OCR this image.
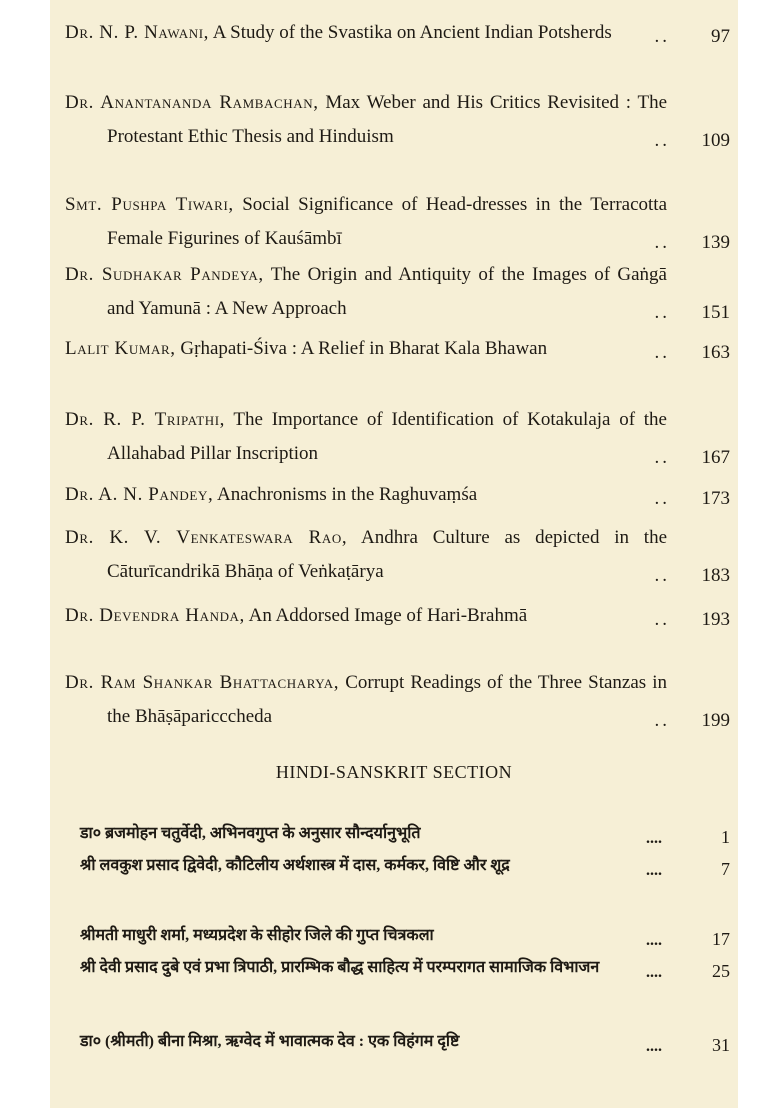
Dr. N. P. Nawani, A Study of the Svastika on Ancient Indian Potsherds	.. 97
Dr. Anantananda Rambachan, Max Weber and His Critics Revisited : The Protestant Ethic Thesis and Hinduism	.. 109
Smt. Pushpa Tiwari, Social Significance of Head-dresses in the Terracotta Female Figurines of Kauśāmbī	.. 139
Dr. Sudhakar Pandeya, The Origin and Antiquity of the Images of Gaṅgā and Yamunā : A New Approach	.. 151
Lalit Kumar, Gṛhapati-Śiva : A Relief in Bharat Kala Bhawan	.. 163
Dr. R. P. Tripathi, The Importance of Identification of Kotakulaja of the Allahabad Pillar Inscription	.. 167
Dr. A. N. Pandey, Anachronisms in the Raghuvaṃśa	.. 173
Dr. K. V. Venkateswara Rao, Andhra Culture as depicted in the Cāturīcandrikā Bhāṇa of Veṅkaṭārya	.. 183
Dr. Devendra Handa, An Addorsed Image of Hari-Brahmā	.. 193
Dr. Ram Shankar Bhattacharya, Corrupt Readings of the Three Stanzas in the Bhāṣāparicccheda	.. 199
HINDI-SANSKRIT SECTION
डा० ब्रजमोहन चतुर्वेदी, अभिनवगुप्त के अनुसार सौन्दर्यानुभूति	....	1
श्री लवकुश प्रसाद द्विवेदी, कौटिलीय अर्थशास्त्र में दास, कर्मकर, विष्टि और शूद्र	....	7
श्रीमती माधुरी शर्मा, मध्यप्रदेश के सीहोर जिले की गुप्त चित्रकला	....	17
श्री देवी प्रसाद दुबे एवं प्रभा त्रिपाठी, प्रारम्भिक बौद्ध साहित्य में परम्परागत सामाजिक विभाजन	....	25
डा० (श्रीमती) बीना मिश्रा, ऋग्वेद में भावात्मक देव : एक विहंगम दृष्टि	....	31
